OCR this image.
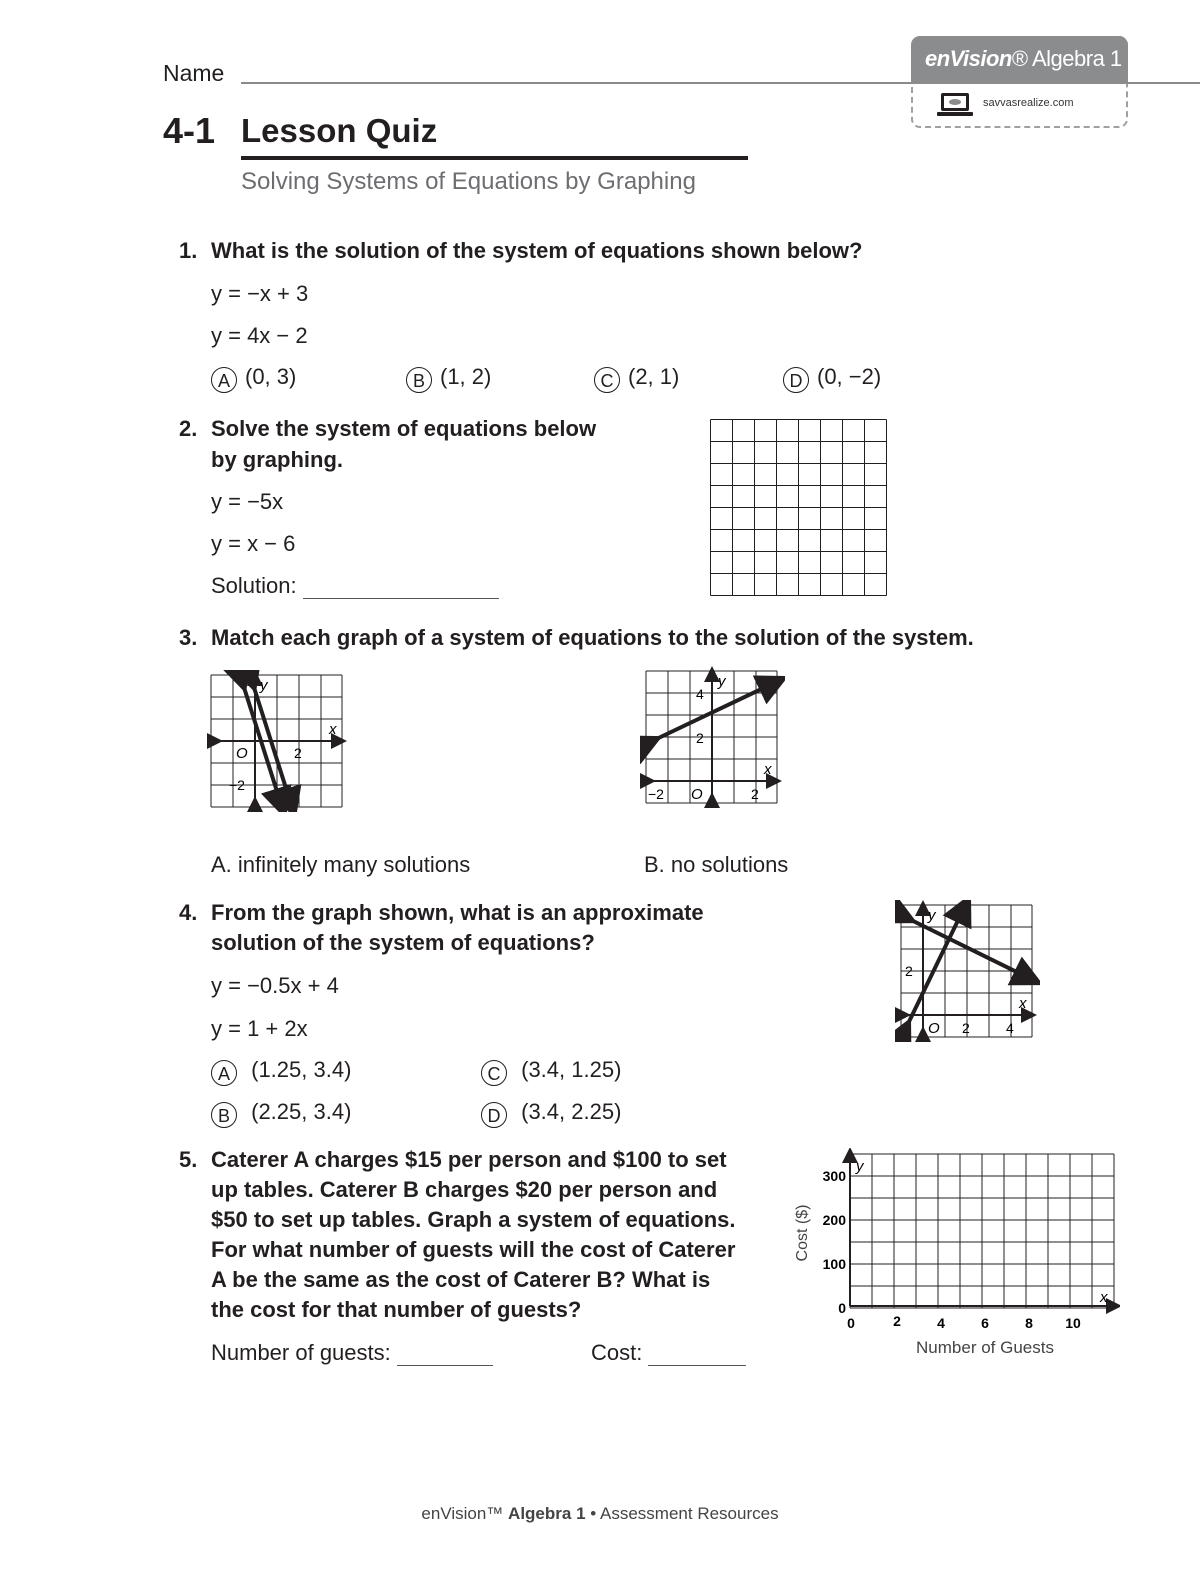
Name
enVision® Algebra 1
savvasrealize.com
4-1 Lesson Quiz
Solving Systems of Equations by Graphing
1. What is the solution of the system of equations shown below?
y = −x + 3
y = 4x − 2
A (0, 3)	B (1, 2)	C (2, 1)	D (0, −2)
2. Solve the system of equations below
by graphing.
y = −5x
y = x − 6
Solution:
3. Match each graph of a system of equations to the solution of the system.
y
x
O	2
−2
y
4
2
x
−2 O	2
A. infinitely many solutions	B. no solutions
4. From the graph shown, what is an approximate
solution of the system of equations?
y = −0.5x + 4
y = 1 + 2x
A (1.25, 3.4)
B (2.25, 3.4)
C (3.4, 1.25)
D (3.4, 2.25)
y
2
x
O 2	4
5. Caterer A charges $15 per person and $100 to set
up tables. Caterer B charges $20 per person and
$50 to set up tables. Graph a system of equations.
For what number of guests will the cost of Caterer
A be the same as the cost of Caterer B? What is
the cost for that number of guests?
Number of guests:	Cost:
y
x
300
200
100
0
0	2	4	6	8 10
Number of Guests
Cost ($)
enVision™ Algebra 1 • Assessment Resources
